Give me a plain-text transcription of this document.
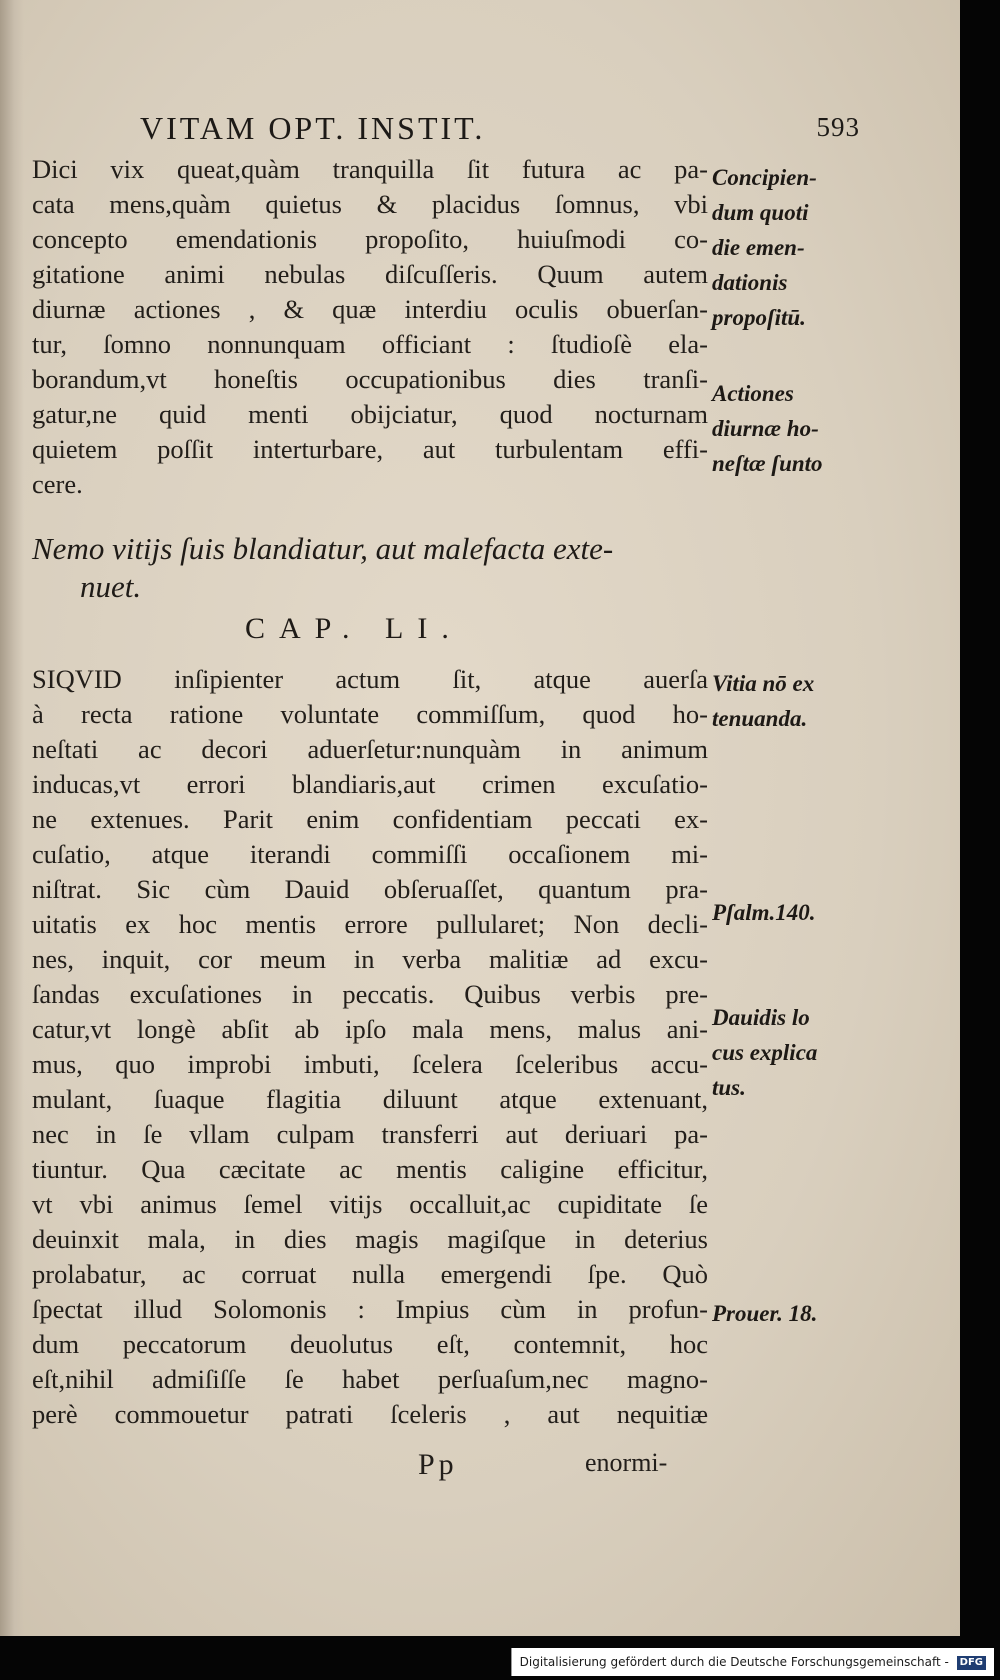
VITAM OPT. INSTIT.	593
Dici vix queat,quàm tranquilla ſit futura ac pa-
cata mens,quàm quietus & placidus ſomnus, vbi
concepto emendationis propoſito, huiuſmodi co-
gitatione animi nebulas diſcuſſeris. Quum autem
diurnæ actiones , & quæ interdiu oculis obuerſan-
tur, ſomno nonnunquam officiant : ſtudioſè ela-
borandum,vt honeſtis occupationibus dies tranſi-
gatur,ne quid menti obijciatur, quod nocturnam
quietem poſſit interturbare, aut turbulentam effi-
cere.
Nemo vitijs ſuis blandiatur, aut malefacta exte-
nuet.
CAP. LI.
SIQVID inſipienter actum ſit, atque auerſa
à recta ratione voluntate commiſſum, quod ho-
neſtati ac decori aduerſetur:nunquàm in animum
inducas,vt errori blandiaris,aut crimen excuſatio-
ne extenues. Parit enim confidentiam peccati ex-
cuſatio, atque iterandi commiſſi occaſionem mi-
niſtrat. Sic cùm Dauid obſeruaſſet, quantum pra-
uitatis ex hoc mentis errore pullularet; Non decli-
nes, inquit, cor meum in verba malitiæ ad excu-
ſandas excuſationes in peccatis. Quibus verbis pre-
catur,vt longè abſit ab ipſo mala mens, malus ani-
mus, quo improbi imbuti, ſcelera ſceleribus accu-
mulant, ſuaque flagitia diluunt atque extenuant,
nec in ſe vllam culpam transferri aut deriuari pa-
tiuntur. Qua cæcitate ac mentis caligine efficitur,
vt vbi animus ſemel vitijs occalluit,ac cupiditate ſe
deuinxit mala, in dies magis magiſque in deterius
prolabatur, ac corruat nulla emergendi ſpe. Quò
ſpectat illud Solomonis : Impius cùm in profun-
dum peccatorum deuolutus eſt, contemnit, hoc
eſt,nihil admiſiſſe ſe habet perſuaſum,nec magno-
perè commouetur patrati ſceleris , aut nequitiæ
Concipien-
dum quoti
die emen-
dationis
propoſitū.
Actiones
diurnæ ho-
neſtæ ſunto
Vitia nō ex
tenuanda.
Pſalm.140.
Dauidis lo
cus explica
tus.
Prouer. 18.
Pp	enormi-
Digitalisierung gefördert durch die Deutsche Forschungsgemeinschaft - DFG
